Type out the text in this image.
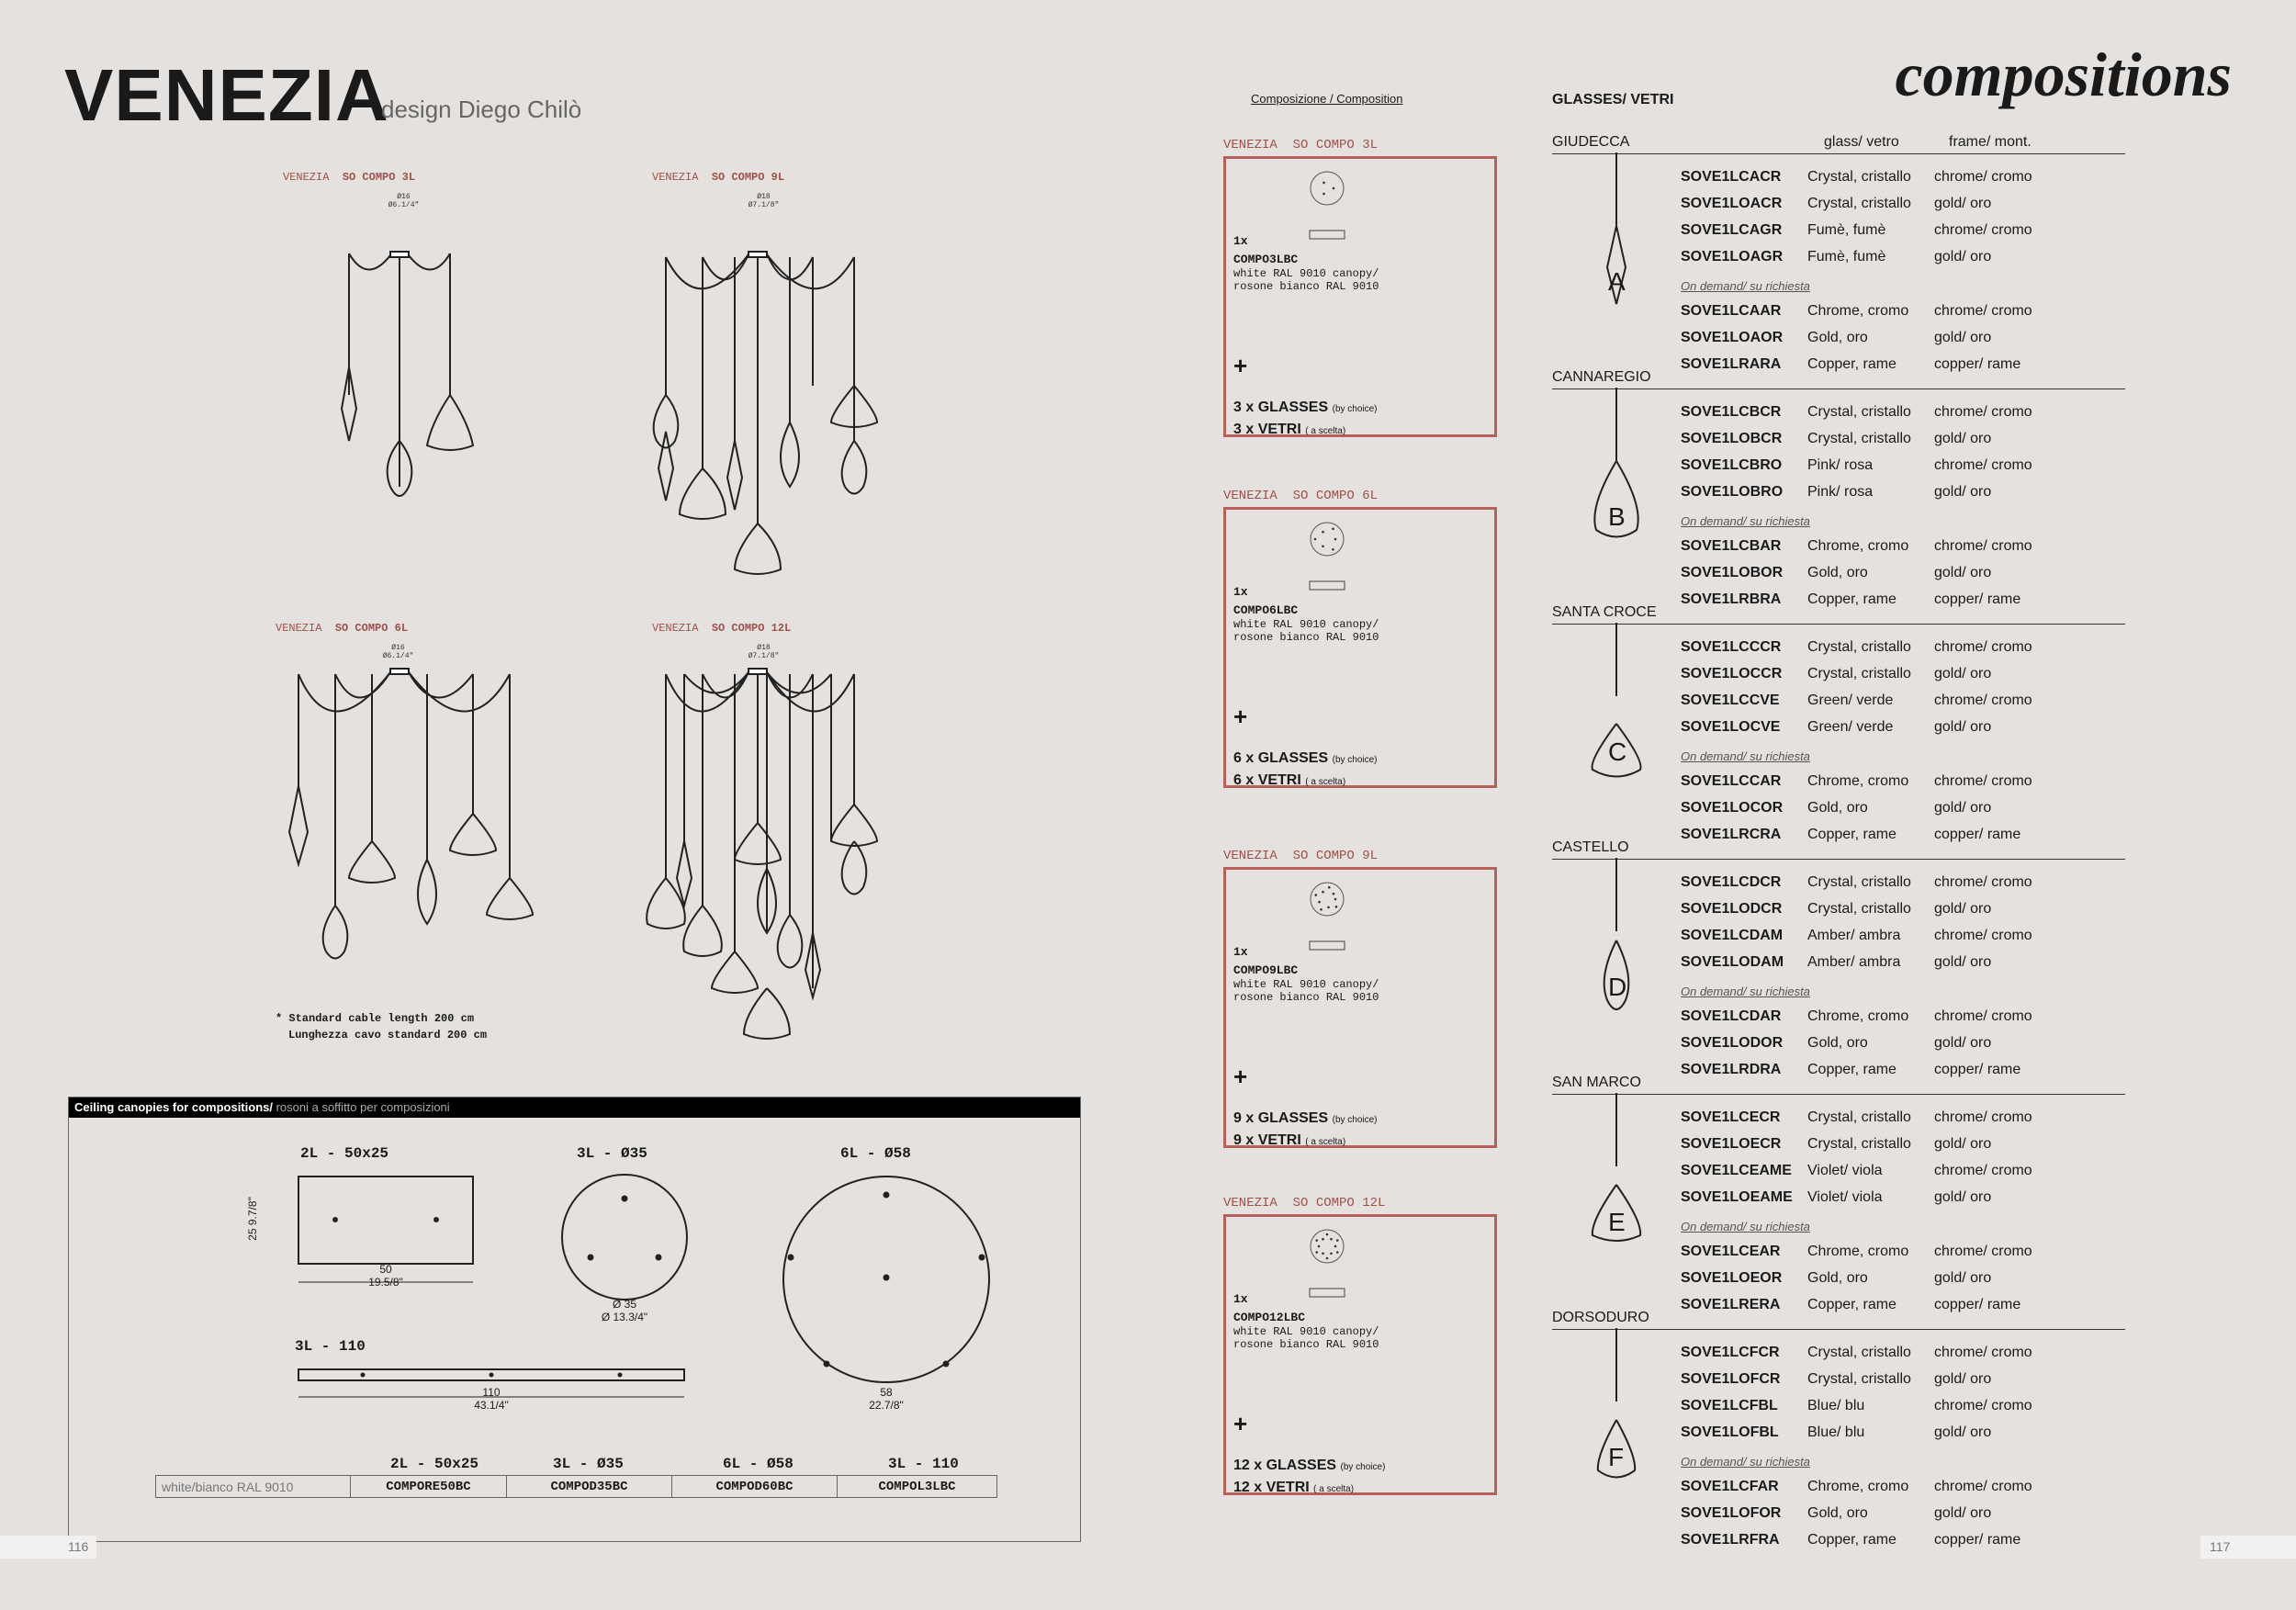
VENEZIA
design Diego Chilò	compositions
VENEZIA SO COMPO 3L
Ø16
Ø6.1/4"
VENEZIA SO COMPO 9L
Ø18
Ø7.1/8"
VENEZIA SO COMPO 6L
Ø16
Ø6.1/4"
VENEZIA SO COMPO 12L
Ø18
Ø7.1/8"
* Standard cable length 200 cm
Lunghezza cavo standard 200 cm
Ceiling canopies for compositions/ rosoni a soffitto per composizioni
2L - 50x25
50
19.5/8"
25 9.7/8"
3L - Ø35
Ø 35
Ø 13.3/4"
6L - Ø58
58
22.7/8"
3L - 110
110
43.1/4"
2L - 50x25	3L - Ø35	6L - Ø58	3L - 110
white/bianco RAL 9010	COMPORE50BC	COMPOD35BC	COMPOD60BC	COMPOL3LBC
116	117
Composizione / Composition
VENEZIA SO COMPO 3L
1x
COMPO3LBC
white RAL 9010 canopy/
rosone bianco RAL 9010
+
3 x GLASSES (by choice)
3 x VETRI ( a scelta)
VENEZIA SO COMPO 6L
1x
COMPO6LBC
white RAL 9010 canopy/
rosone bianco RAL 9010
+
6 x GLASSES (by choice)
6 x VETRI ( a scelta)
VENEZIA SO COMPO 9L
1x
COMPO9LBC
white RAL 9010 canopy/
rosone bianco RAL 9010
+
9 x GLASSES (by choice)
9 x VETRI ( a scelta)
VENEZIA SO COMPO 12L
1x
COMPO12LBC
white RAL 9010 canopy/
rosone bianco RAL 9010
+
12 x GLASSES (by choice)
12 x VETRI ( a scelta)
GLASSES/ VETRI
glass/ vetro	frame/ mont.
GIUDECCA
A
SOVE1LCACR	Crystal, cristallo	chrome/ cromo
SOVE1LOACR	Crystal, cristallo	gold/ oro
SOVE1LCAGR	Fumè, fumè	chrome/ cromo
SOVE1LOAGR	Fumè, fumè	gold/ oro
On demand/ su richiesta
SOVE1LCAAR	Chrome, cromo	chrome/ cromo
SOVE1LOAOR	Gold, oro	gold/ oro
SOVE1LRARA	Copper, rame	copper/ rame
CANNAREGIO
B
SOVE1LCBCR	Crystal, cristallo	chrome/ cromo
SOVE1LOBCR	Crystal, cristallo	gold/ oro
SOVE1LCBRO	Pink/ rosa	chrome/ cromo
SOVE1LOBRO	Pink/ rosa	gold/ oro
On demand/ su richiesta
SOVE1LCBAR	Chrome, cromo	chrome/ cromo
SOVE1LOBOR	Gold, oro	gold/ oro
SOVE1LRBRA	Copper, rame	copper/ rame
SANTA CROCE
C
SOVE1LCCCR	Crystal, cristallo	chrome/ cromo
SOVE1LOCCR	Crystal, cristallo	gold/ oro
SOVE1LCCVE	Green/ verde	chrome/ cromo
SOVE1LOCVE	Green/ verde	gold/ oro
On demand/ su richiesta
SOVE1LCCAR	Chrome, cromo	chrome/ cromo
SOVE1LOCOR	Gold, oro	gold/ oro
SOVE1LRCRA	Copper, rame	copper/ rame
CASTELLO
D
SOVE1LCDCR	Crystal, cristallo	chrome/ cromo
SOVE1LODCR	Crystal, cristallo	gold/ oro
SOVE1LCDAM	Amber/ ambra	chrome/ cromo
SOVE1LODAM	Amber/ ambra	gold/ oro
On demand/ su richiesta
SOVE1LCDAR	Chrome, cromo	chrome/ cromo
SOVE1LODOR	Gold, oro	gold/ oro
SOVE1LRDRA	Copper, rame	copper/ rame
SAN MARCO
E
SOVE1LCECR	Crystal, cristallo	chrome/ cromo
SOVE1LOECR	Crystal, cristallo	gold/ oro
SOVE1LCEAME	Violet/ viola	chrome/ cromo
SOVE1LOEAME	Violet/ viola	gold/ oro
On demand/ su richiesta
SOVE1LCEAR	Chrome, cromo	chrome/ cromo
SOVE1LOEOR	Gold, oro	gold/ oro
SOVE1LRERA	Copper, rame	copper/ rame
DORSODURO
F
SOVE1LCFCR	Crystal, cristallo	chrome/ cromo
SOVE1LOFCR	Crystal, cristallo	gold/ oro
SOVE1LCFBL	Blue/ blu	chrome/ cromo
SOVE1LOFBL	Blue/ blu	gold/ oro
On demand/ su richiesta
SOVE1LCFAR	Chrome, cromo	chrome/ cromo
SOVE1LOFOR	Gold, oro	gold/ oro
SOVE1LRFRA	Copper, rame	copper/ rame
